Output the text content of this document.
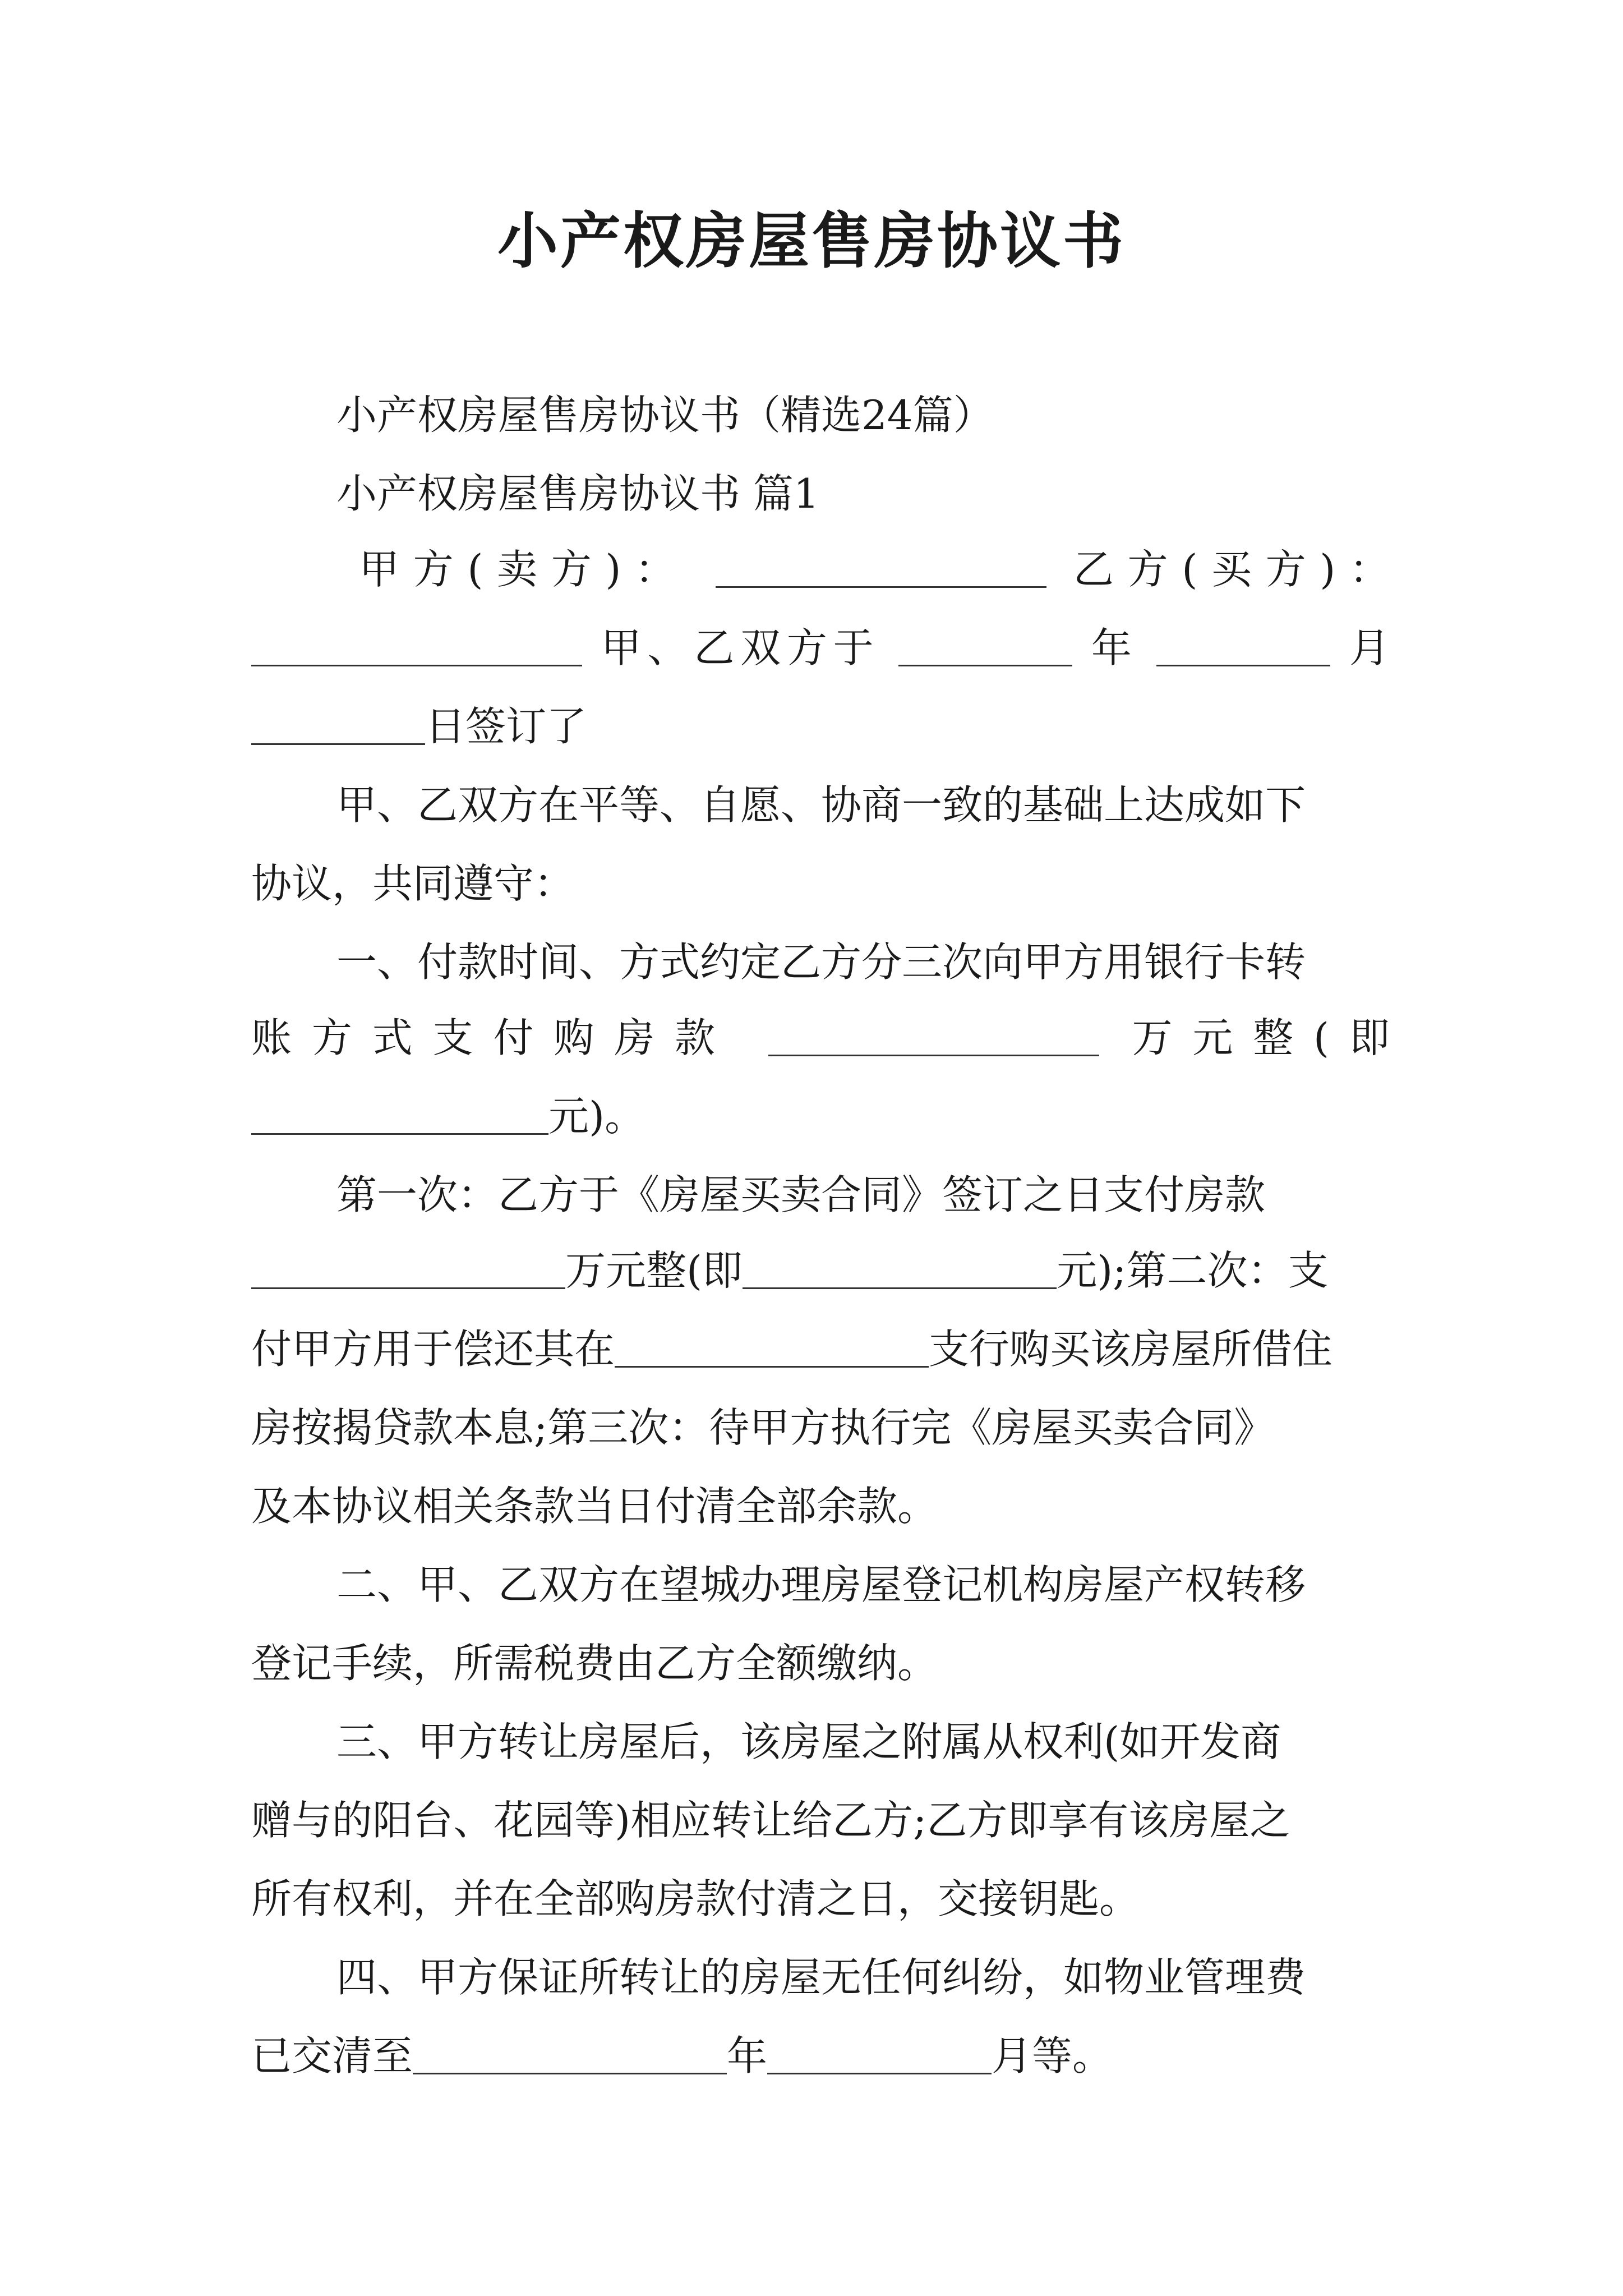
小产权房屋售房协议书
小产权房屋售房协议书（精选24篇）
小产权房屋售房协议书 篇1
甲方(卖方)：	乙方(买方)：
甲、乙双方于	年	月
日签订了
甲、乙双方在平等、自愿、协商一致的基础上达成如下
协议，共同遵守：
一、付款时间、方式约定乙方分三次向甲方用银行卡转
账方式支付购房款	万元整(即
元)。
第一次：乙方于《房屋买卖合同》签订之日支付房款
万元整(即	元);第二次：支
付甲方用于偿还其在	支行购买该房屋所借住
房按揭贷款本息;第三次：待甲方执行完《房屋买卖合同》
及本协议相关条款当日付清全部余款。
二、甲、乙双方在望城办理房屋登记机构房屋产权转移
登记手续，所需税费由乙方全额缴纳。
三、甲方转让房屋后，该房屋之附属从权利(如开发商
赠与的阳台、花园等)相应转让给乙方;乙方即享有该房屋之
所有权利，并在全部购房款付清之日，交接钥匙。
四、甲方保证所转让的房屋无任何纠纷，如物业管理费
已交清至	年	月等。
